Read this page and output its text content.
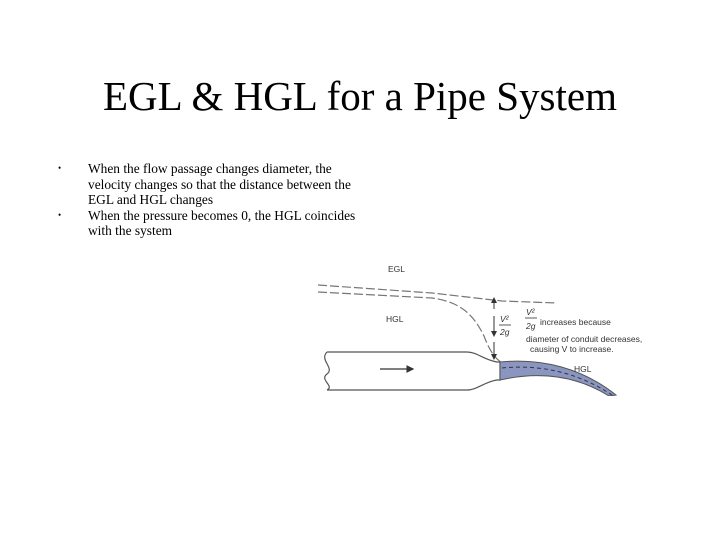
EGL & HGL for a Pipe System
• When the flow passage changes diameter, the velocity changes so that the distance between the EGL and HGL changes
• When the pressure becomes 0, the HGL coincides with the system
EGL
HGL	V²
2g
V²
2g increases because
diameter of conduit decreases,
causing V to increase.
HGL
